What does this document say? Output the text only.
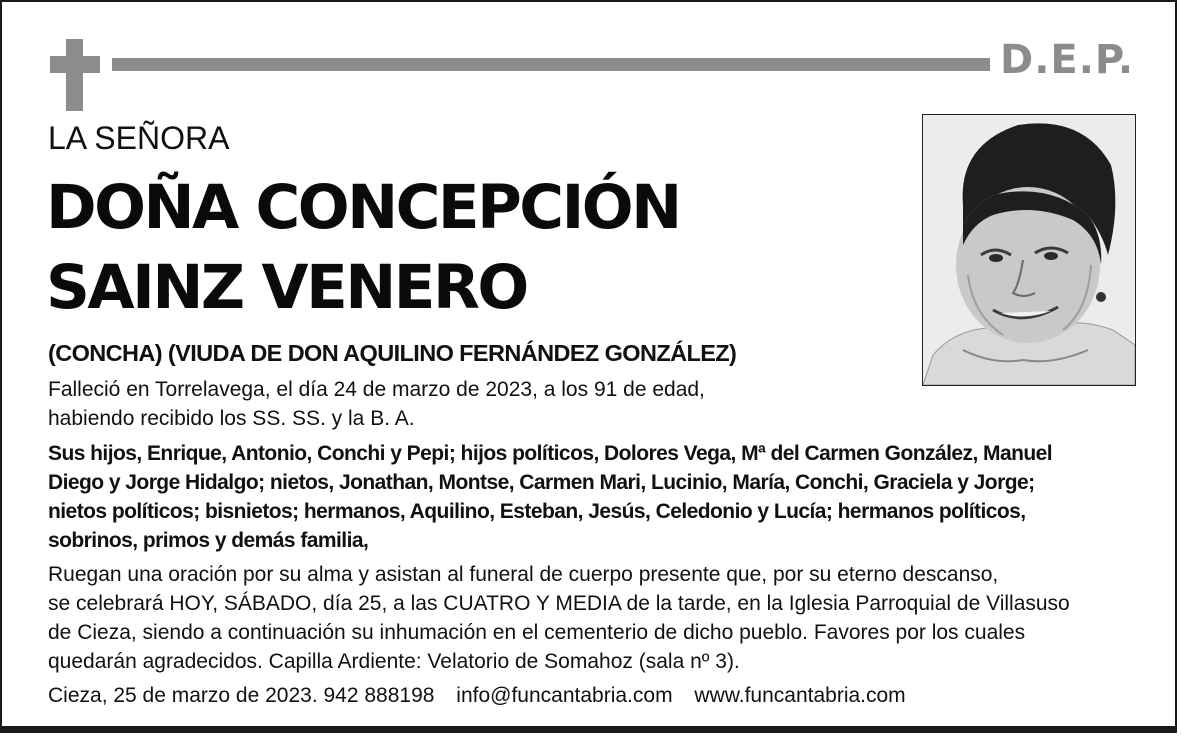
D.E.P.
LA SEÑORA
DOÑA CONCEPCIÓN
SAINZ VENERO
(CONCHA) (VIUDA DE DON AQUILINO FERNÁNDEZ GONZÁLEZ)
Falleció en Torrelavega, el día 24 de marzo de 2023, a los 91 de edad,
habiendo recibido los SS. SS. y la B. A.
Sus hijos, Enrique, Antonio, Conchi y Pepi; hijos políticos, Dolores Vega, Mª del Carmen González, Manuel
Diego y Jorge Hidalgo; nietos, Jonathan, Montse, Carmen Mari, Lucinio, María, Conchi, Graciela y Jorge;
nietos políticos; bisnietos; hermanos, Aquilino, Esteban, Jesús, Celedonio y Lucía; hermanos políticos,
sobrinos, primos y demás familia,
Ruegan una oración por su alma y asistan al funeral de cuerpo presente que, por su eterno descanso,
se celebrará HOY, SÁBADO, día 25, a las CUATRO Y MEDIA de la tarde, en la Iglesia Parroquial de Villasuso
de Cieza, siendo a continuación su inhumación en el cementerio de dicho pueblo. Favores por los cuales
quedarán agradecidos. Capilla Ardiente: Velatorio de Somahoz (sala nº 3).
Cieza, 25 de marzo de 2023. 942 888198 info@funcantabria.com www.funcantabria.com
